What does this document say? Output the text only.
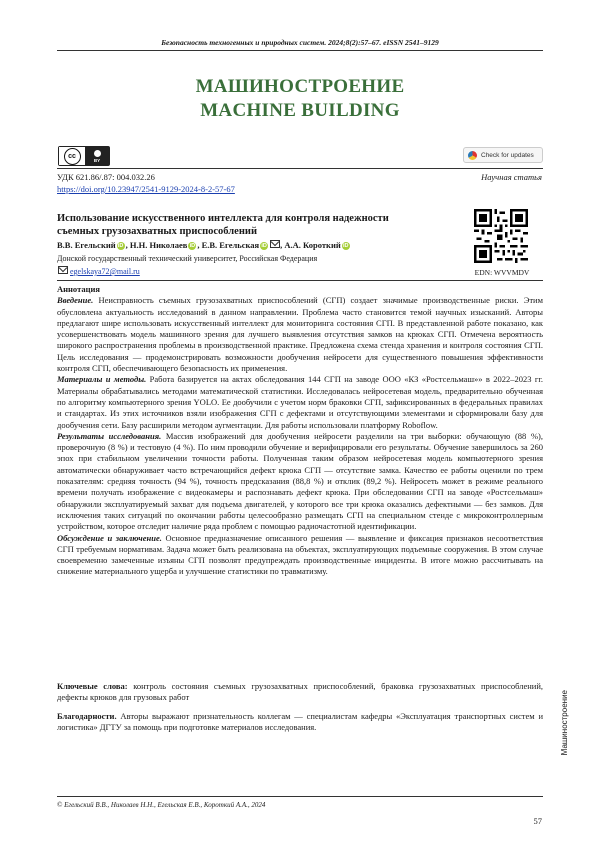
Безопасность техногенных и природных систем. 2024;8(2):57–67. eISSN 2541–9129
МАШИНОСТРОЕНИЕ
MACHINE BUILDING
cc
BY
Check for updates
УДК 621.86/.87: 004.032.26	Научная статья
https://doi.org/10.23947/2541-9129-2024-8-2-57-67
Использование искусственного интеллекта для контроля надежности съемных грузозахватных приспособлений
В.В. Егельский iD , Н.Н. Николаев iD , Е.В. Егельская iD , А.А. Короткий iD
Донской государственный технический университет, Российская Федерация
egelskaya72@mail.ru	EDN: WVVMDV

Аннотация

Введение. Неисправность съемных грузозахватных приспособлений (СГП) создает значимые производственные риски. Этим обусловлена актуальность исследований в данном направлении. Проблема часто становится темой научных изысканий. Авторы предлагают шире использовать искусственный интеллект для мониторинга состояния СГП. В представленной работе показано, как усовершенствовать модель машинного зрения для лучшего выявления отсутствия замков на крюках СГП. Отмечена вероятность широкого распространения проблемы в производственной практике. Предложена схема стенда хранения и контроля состояния СГП. Цель исследования — продемонстрировать возможности дообучения нейросети для существенного повышения эффективности контроля СГП, обеспечивающего безопасность их применения.

Материалы и методы. Работа базируется на актах обследования 144 СГП на заводе ООО «КЗ «Ростсельмаш»» в 2022–2023 гг. Материалы обрабатывались методами математической статистики. Исследовалась нейросетевая модель, предварительно обученная по алгоритму компьютерного зрения YOLO. Ее дообучили с учетом норм браковки СГП, зафиксированных в федеральных правилах и стандартах. Из этих источников взяли изображения СГП с дефектами и отсутствующими элементами и сформировали базу для дообучения сети. Базу расширили методом аугментации. Для работы использовали платформу Roboflow.

Результаты исследования. Массив изображений для дообучения нейросети разделили на три выборки: обучающую (88 %), проверочную (8 %) и тестовую (4 %). По ним проводили обучение и верифицировали его результаты. Обучение завершилось за 260 эпох при стабильном увеличении точности работы. Полученная таким образом нейросетевая модель компьютерного зрения автоматически обнаруживает часто встречающийся дефект крюка СГП — отсутствие замка. Качество ее работы оценили по трем показателям: средняя точность (94 %), точность предсказания (88,8 %) и отклик (89,2 %). Нейросеть может в режиме реального времени получать изображение с видеокамеры и распознавать дефект крюка. При обследовании СГП на заводе «Ростсельмаш» обнаружили эксплуатируемый захват для подъема двигателей, у которого все три крюка оказались дефектными — без замков. Для исключения таких ситуаций по окончании работы целесообразно размещать СГП на специальном стенде с микроконтроллерным устройством, которое отследит наличие ряда проблем с помощью радиочастотной идентификации.

Обсуждение и заключение. Основное предназначение описанного решения — выявление и фиксация признаков несоответствия СГП требуемым нормативам. Задача может быть реализована на объектах, эксплуатирующих подъемные сооружения. В этом случае своевременно замеченные изъяны СГП позволят предупреждать производственные инциденты. В итоге можно рассчитывать на снижение материального ущерба и улучшение статистики по травматизму.

Ключевые слова: контроль состояния съемных грузозахватных приспособлений, браковка грузозахватных приспособлений, дефекты крюков для грузовых работ
Благодарности. Авторы выражают признательность коллегам — специалистам кафедры «Эксплуатация транспортных систем и логистика» ДГТУ за помощь при подготовке материалов исследования.	Машиностроение
© Егельский В.В., Николаев Н.Н., Егельская Е.В., Короткий А.А., 2024
57
